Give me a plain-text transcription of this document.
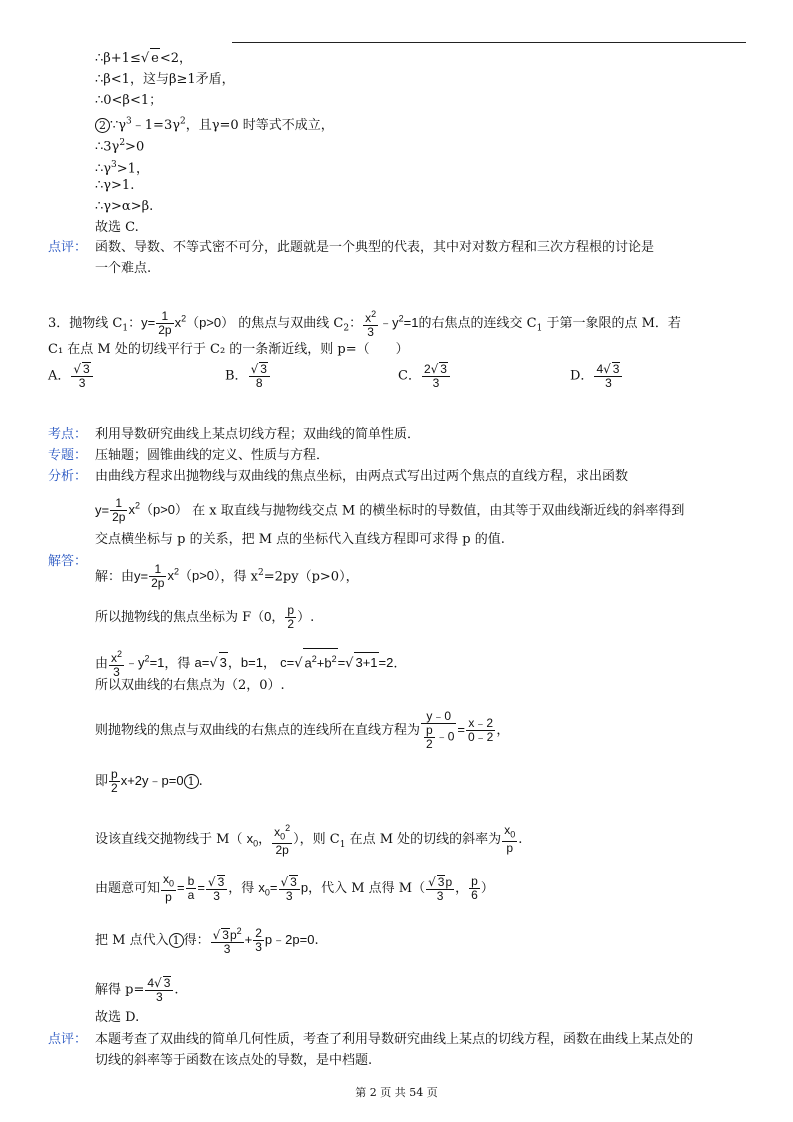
∴β+1≤√ e<2，
∴β<1，这与β≥1矛盾，
∴0<β<1；
2 $\because\gamma^3﹣1=3\gamma^2$，且γ=0 时等式不成立，
$\therefore 3\gamma^2>0$
$\therefore\gamma^3>1$，
∴γ>1.
∴γ>α>β.
故选 C.
点评： 函数、导数、不等式密不可分，此题就是一个典型的代表，其中对对数方程和三次方程根的讨论是
一个难点.
3．抛物线 $C_1$：$y= \frac{1}{2p} x^2(p>0)$ 的焦点与双曲线 $C_2$： $\frac{x^2}{3}$ $﹣y^2=1$的右焦点的连线交 $C_1$ 于第一象限的点 M．若
C₁ 在点 M 处的切线平行于 C₂ 的一条渐近线，则 p=（　　）
A． $\frac{√ 3}{3}$	B． $\frac{√ 3}{8}$	C． $\frac{2√ 3}{3}$	D． $\frac{4√ 3}{3}$
考点： 利用导数研究曲线上某点切线方程；双曲线的简单性质．
专题： 压轴题；圆锥曲线的定义、性质与方程．
分析： 由曲线方程求出抛物线与双曲线的焦点坐标，由两点式写出过两个焦点的直线方程，求出函数
$y= \frac{1}{2p} x^2(p>0)$ 在 x 取直线与抛物线交点 M 的横坐标时的导数值，由其等于双曲线渐近线的斜率得到
交点横坐标与 p 的关系，把 M 点的坐标代入直线方程即可求得 p 的值.
解答：
解：由$y= \frac{1}{2p} x^2(p>0)$，得 $x^2=2py(p>0)$，
所以抛物线的焦点坐标为 F（0， $\frac{p}{2}$ ）.
由 $\frac{x^2}{3}$ $﹣y^2=1$，得 a=√ 3，b=1， c=√ $a^2+b^2=√$ 3+1=2.
所以双曲线的右焦点为（2，0）.
则抛物线的焦点与双曲线的右焦点的连线所在直线方程为 $\frac{y﹣0}{\frac{p}{2} ﹣0} = \frac{x﹣2}{0﹣2}$ ，
即 $\frac{p}{2}$ x+2y﹣p=0 1 .
设该直线交抛物线于 M（ $x_0$， $\frac{x_0^2}{2p}$ ），则 $C_1$ 在点 M 处的切线的斜率为 $\frac{x_0}{p}$ .
由题意可知 $\frac{x_0}{p} = \frac{b}{a} = \frac{√ 3}{3}$ ，得 $x_0= \frac{√ 3}{3}$ p，代入 M 点得 $M( \frac{√ 3p}{3}$ ， $\frac{p}{6}$ ）
把 M 点代入 1 得： $\frac{√ 3p^2}{3} + \frac{2}{3}$ p﹣2p=0.
解得 $p= \frac{4√ 3}{3}$ .
故选 D.
点评： 本题考查了双曲线的简单几何性质，考查了利用导数研究曲线上某点的切线方程，函数在曲线上某点处的
切线的斜率等于函数在该点处的导数，是中档题.
第 2 页 共 54 页
